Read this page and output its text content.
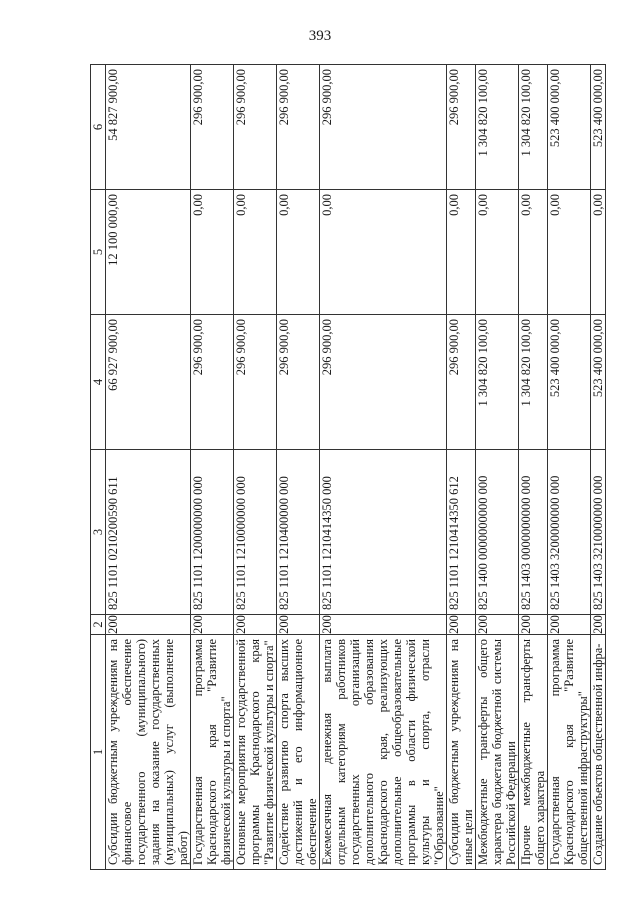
393
1	2	3	4	5	6
Субсидии бюджетным учреждениям на финансовое обеспечение государственного (муниципального) задания на оказание государственных (муниципальных) услуг (выполнение работ)	200	825 1101 0210200590 611	66 927 900,00	12 100 000,00	54 827 900,00
Государственная программа Краснодарского края "Развитие физической культуры и спорта"	200	825 1101 1200000000 000	296 900,00	0,00	296 900,00
Основные мероприятия государственной программы Краснодарского края "Развитие физической культуры и спорта"	200	825 1101 1210000000 000	296 900,00	0,00	296 900,00
Содействие развитию спорта высших достижений и его информационное обеспечение	200	825 1101 1210400000 000	296 900,00	0,00	296 900,00
Ежемесячная денежная выплата отдельным категориям работников государственных организаций дополнительного образования Краснодарского края, реализующих дополнительные общеобразовательные программы в области физической культуры и спорта, отрасли "Образование"	200	825 1101 1210414350 000	296 900,00	0,00	296 900,00
Субсидии бюджетным учреждениям на иные цели	200	825 1101 1210414350 612	296 900,00	0,00	296 900,00
Межбюджетные трансферты общего характера бюджетам бюджетной системы Российской Федерации	200	825 1400 0000000000 000	1 304 820 100,00	0,00	1 304 820 100,00
Прочие межбюджетные трансферты общего характера	200	825 1403 0000000000 000	1 304 820 100,00	0,00	1 304 820 100,00
Государственная программа Краснодарского края "Развитие общественной инфраструктуры"	200	825 1403 3200000000 000	523 400 000,00	0,00	523 400 000,00
Создание объектов общественной инфра-	200	825 1403 3210000000 000	523 400 000,00	0,00	523 400 000,00
